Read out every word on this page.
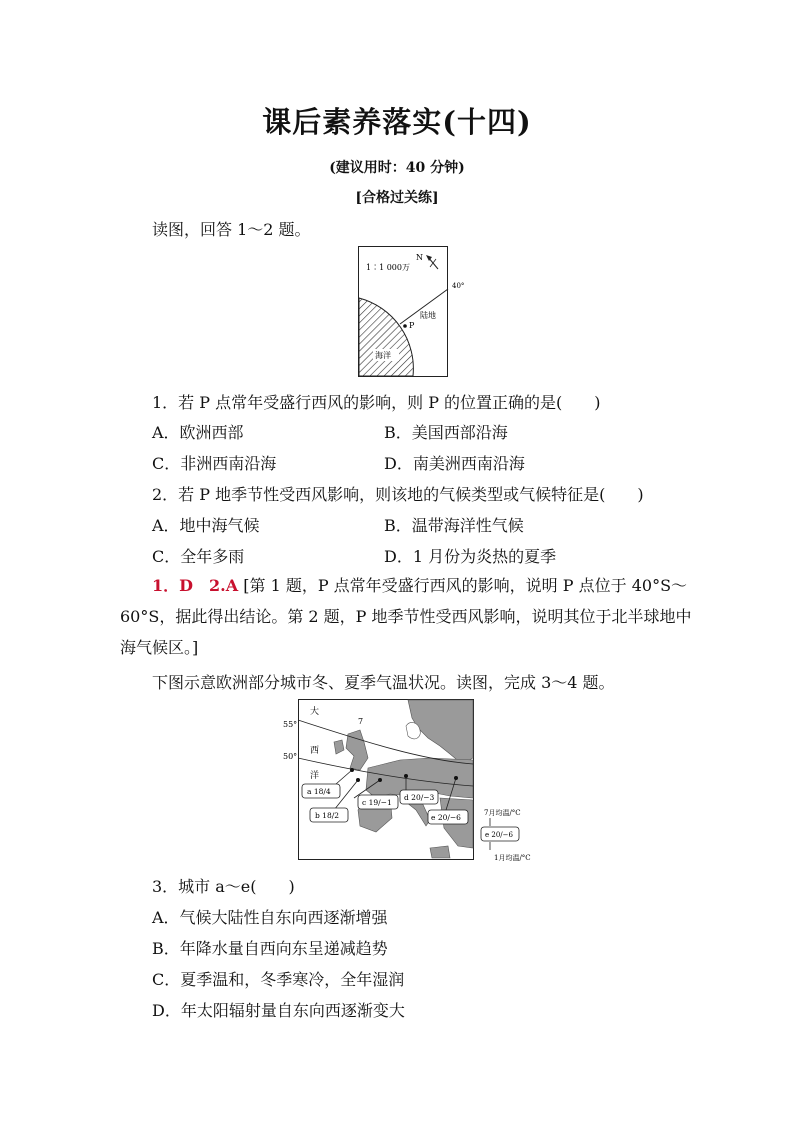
课后素养落实(十四)
(建议用时：40 分钟)
[合格过关练]
读图，回答 1～2 题。
1∶1 000万
N
40°
陆地
P
海洋
1．若 P 点常年受盛行西风的影响，则 P 的位置正确的是(　　)
A．欧洲西部	B．美国西部沿海
C．非洲西南沿海	D．南美洲西南沿海
2．若 P 地季节性受西风影响，则该地的气候类型或气候特征是(　　)
A．地中海气候	B．温带海洋性气候
C．全年多雨	D．1 月份为炎热的夏季
1．D　2.A [第 1 题，P 点常年受盛行西风的影响，说明 P 点位于 40°S～
60°S，据此得出结论。第 2 题，P 地季节性受西风影响，说明其位于北半球地中
海气候区。]
下图示意欧洲部分城市冬、夏季气温状况。读图，完成 3～4 题。
55°
50°
大
西
洋
7
a 18/4
b 18/2
c 19/−1
d 20/−3
e 20/−6	7月均温/°C
e 20/−6
1月均温/°C
3．城市 a～e(　　)
A．气候大陆性自东向西逐渐增强
B．年降水量自西向东呈递减趋势
C．夏季温和，冬季寒冷，全年湿润
D．年太阳辐射量自东向西逐渐变大
